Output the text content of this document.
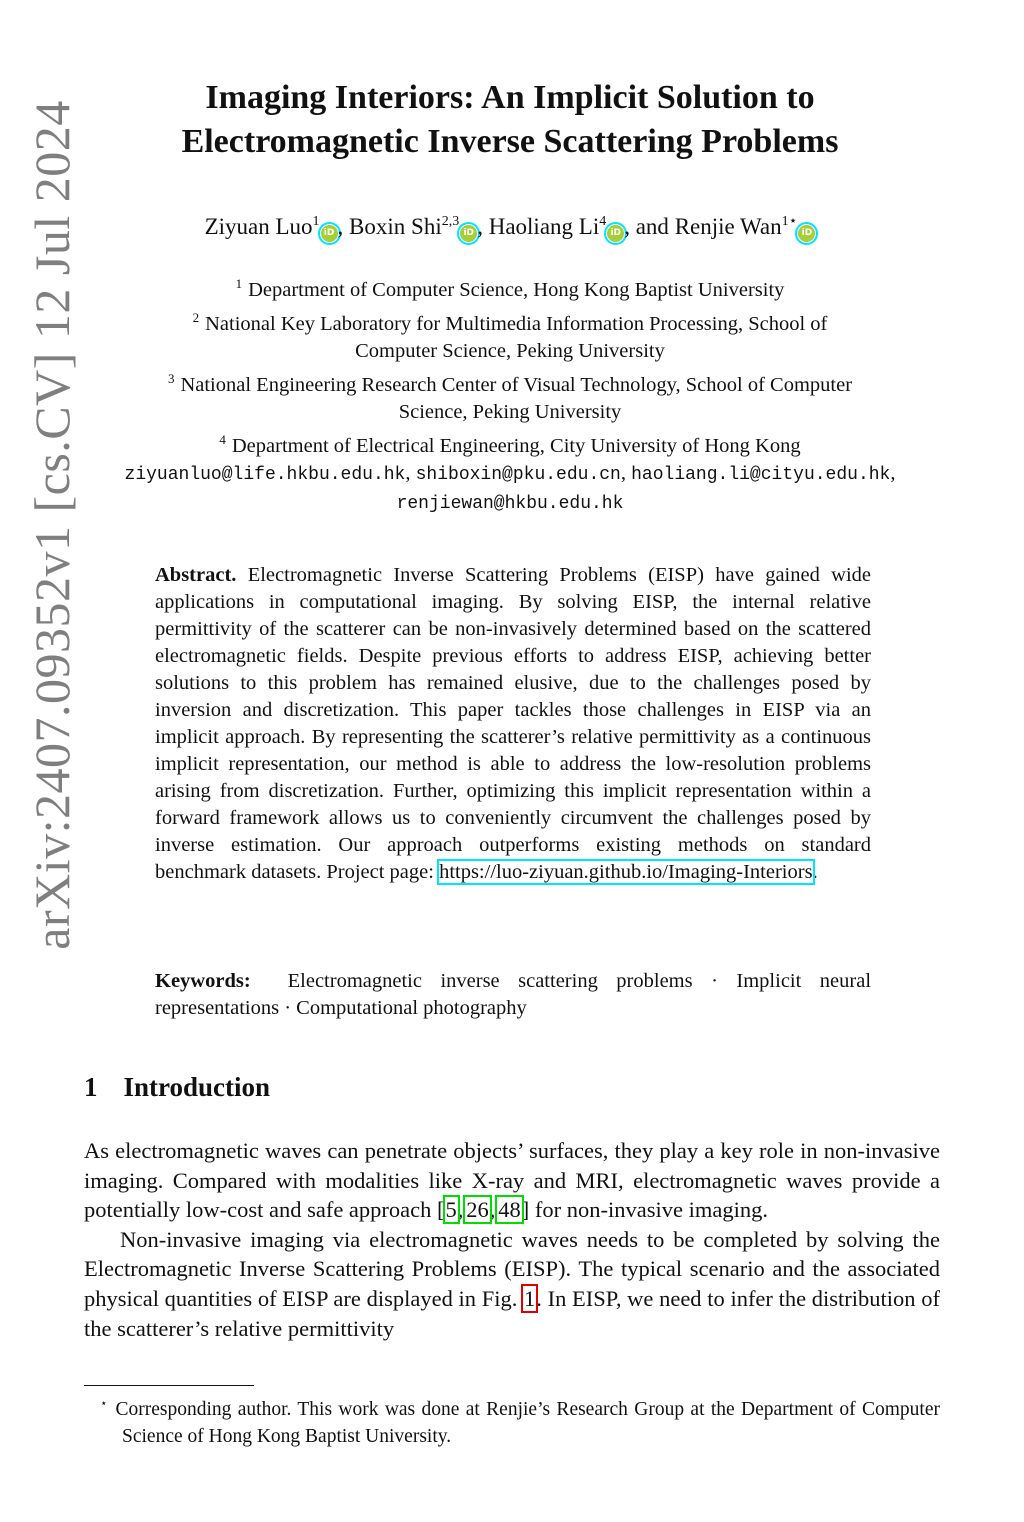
arXiv:2407.09352v1 [cs.CV] 12 Jul 2024
Imaging Interiors: An Implicit Solution to
Electromagnetic Inverse Scattering Problems
Ziyuan Luo$^1$iD , Boxin Shi$^{2,3}$iD , Haoliang Li$^4$iD , and Renjie Wan$^{1⋆}$iD
$^1$ Department of Computer Science, Hong Kong Baptist University
$^2$ National Key Laboratory for Multimedia Information Processing, School of
Computer Science, Peking University
$^3$ National Engineering Research Center of Visual Technology, School of Computer
Science, Peking University
$^4$ Department of Electrical Engineering, City University of Hong Kong
ziyuanluo@life.hkbu.edu.hk, shiboxin@pku.edu.cn, haoliang.li@cityu.edu.hk,
renjiewan@hkbu.edu.hk
Abstract. Electromagnetic Inverse Scattering Problems (EISP) have gained wide applications in computational imaging. By solving EISP, the internal relative permittivity of the scatterer can be non-invasively determined based on the scattered electromagnetic fields. Despite previous efforts to address EISP, achieving better solutions to this problem has remained elusive, due to the challenges posed by inversion and discretization. This paper tackles those challenges in EISP via an implicit approach. By representing the scatterer’s relative permittivity as a continuous implicit representation, our method is able to address the low-resolution problems arising from discretization. Further, optimizing this implicit representation within a forward framework allows us to conveniently circumvent the challenges posed by inverse estimation. Our approach outperforms existing methods on standard benchmark datasets. Project page: https://luo-ziyuan.github.io/Imaging-Interiors.
Keywords: Electromagnetic inverse scattering problems · Implicit neural representations · Computational photography
1 Introduction

As electromagnetic waves can penetrate objects’ surfaces, they play a key role in non-invasive imaging. Compared with modalities like X-ray and MRI, electromagnetic waves provide a potentially low-cost and safe approach [5, 26, 48] for non-invasive imaging.

Non-invasive imaging via electromagnetic waves needs to be completed by solving the Electromagnetic Inverse Scattering Problems (EISP). The typical scenario and the associated physical quantities of EISP are displayed in Fig. 1. In EISP, we need to infer the distribution of the scatterer’s relative permittivity

⋆ Corresponding author. This work was done at Renjie’s Research Group at the Department of Computer Science of Hong Kong Baptist University.
